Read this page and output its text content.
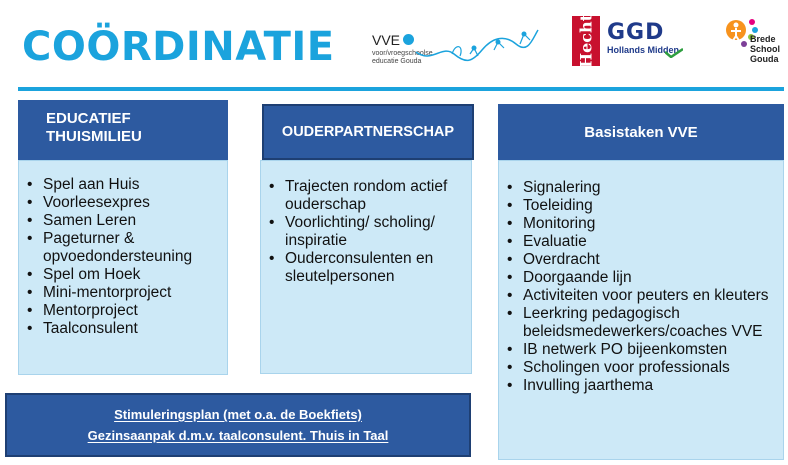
COÖRDINATIE	VVE
voor/vroegschoolse educatie Gouda	Hecht GGD
Hollands Midden
Brede
School
Gouda
EDUCATIEF
THUISMILIEU
• Spel aan Huis
• Voorleesexpres
• Samen Leren
• Pageturner & opvoedondersteuning
• Spel om Hoek
• Mini-mentorproject
• Mentorproject
• Taalconsulent
OUDERPARTNERSCHAP
• Trajecten rondom actief ouderschap
• Voorlichting/ scholing/ inspiratie
• Ouderconsulenten en sleutelpersonen
Basistaken VVE
• Signalering
• Toeleiding
• Monitoring
• Evaluatie
• Overdracht
• Doorgaande lijn
• Activiteiten voor peuters en kleuters
• Leerkring pedagogisch beleidsmedewerkers/coaches VVE
• IB netwerk PO bijeenkomsten
• Scholingen voor professionals
• Invulling jaarthema
Stimuleringsplan (met o.a. de Boekfiets)
Gezinsaanpak d.m.v. taalconsulent. Thuis in Taal
